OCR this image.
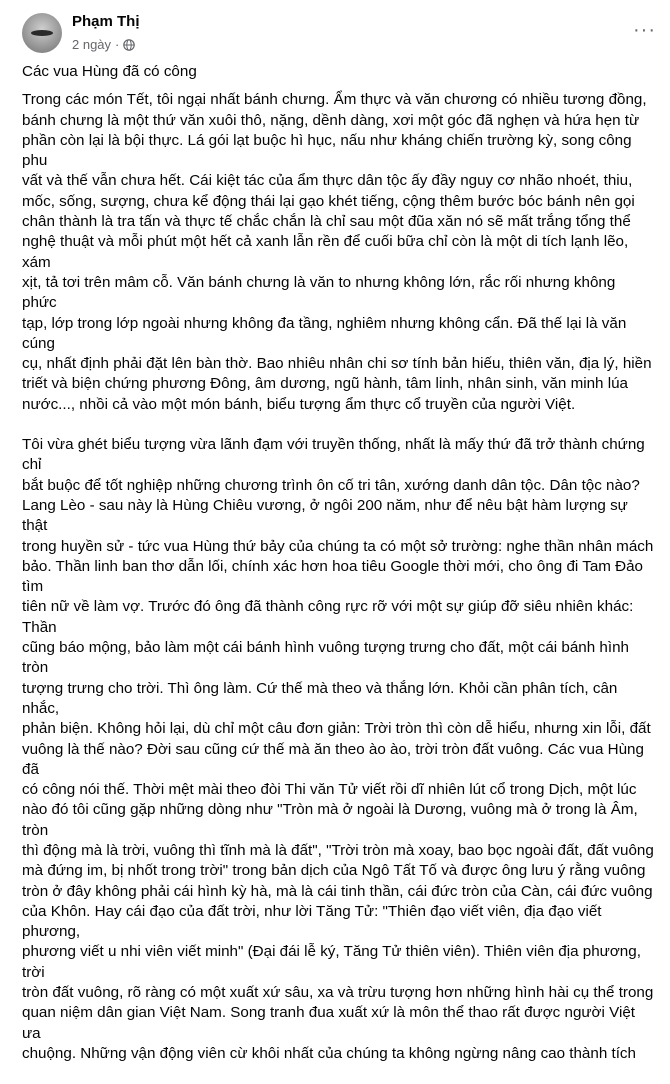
Phạm Thị
2 ngày ·
···

Các vua Hùng đã có công

Trong các món Tết, tôi ngại nhất bánh chưng. Ẩm thực và văn chương có nhiều tương đồng,
bánh chưng là một thứ văn xuôi thô, nặng, dềnh dàng, xơi một góc đã nghẹn và hứa hẹn từ
phần còn lại là bội thực. Lá gói lạt buộc hì hục, nấu như kháng chiến trường kỳ, song công phu
vất và thế vẫn chưa hết. Cái kiệt tác của ẩm thực dân tộc ấy đầy nguy cơ nhão nhoét, thiu,
mốc, sống, sượng, chưa kể động thái lại gạo khét tiếng, cộng thêm bước bóc bánh nên gọi
chân thành là tra tấn và thực tế chắc chắn là chỉ sau một đũa xăn nó sẽ mất trắng tổng thể
nghệ thuật và mỗi phút một hết cả xanh lẫn rền để cuối bữa chỉ còn là một di tích lạnh lẽo, xám
xịt, tả tơi trên mâm cỗ. Văn bánh chưng là văn to nhưng không lớn, rắc rối nhưng không phức
tạp, lớp trong lớp ngoài nhưng không đa tầng, nghiêm nhưng không cẩn. Đã thế lại là văn cúng
cụ, nhất định phải đặt lên bàn thờ. Bao nhiêu nhân chi sơ tính bản hiếu, thiên văn, địa lý, hiền
triết và biện chứng phương Đông, âm dương, ngũ hành, tâm linh, nhân sinh, văn minh lúa
nước..., nhồi cả vào một món bánh, biểu tượng ẩm thực cổ truyền của người Việt.

Tôi vừa ghét biểu tượng vừa lãnh đạm với truyền thống, nhất là mấy thứ đã trở thành chứng chỉ
bắt buộc để tốt nghiệp những chương trình ôn cố tri tân, xướng danh dân tộc. Dân tộc nào?
Lang Lèo - sau này là Hùng Chiêu vương, ở ngôi 200 năm, như để nêu bật hàm lượng sự thật
trong huyền sử - tức vua Hùng thứ bảy của chúng ta có một sở trường: nghe thần nhân mách
bảo. Thần linh ban thơ dẫn lối, chính xác hơn hoa tiêu Google thời mới, cho ông đi Tam Đảo tìm
tiên nữ về làm vợ. Trước đó ông đã thành công rực rỡ với một sự giúp đỡ siêu nhiên khác: Thần
cũng báo mộng, bảo làm một cái bánh hình vuông tượng trưng cho đất, một cái bánh hình tròn
tượng trưng cho trời. Thì ông làm. Cứ thế mà theo và thắng lớn. Khỏi cần phân tích, cân nhắc,
phản biện. Không hỏi lại, dù chỉ một câu đơn giản: Trời tròn thì còn dễ hiểu, nhưng xin lỗi, đất
vuông là thế nào? Đời sau cũng cứ thế mà ăn theo ào ào, trời tròn đất vuông. Các vua Hùng đã
có công nói thế. Thời mệt mài theo đòi Thi văn Tử viết rồi dĩ nhiên lút cổ trong Dịch, một lúc
nào đó tôi cũng gặp những dòng như "Tròn mà ở ngoài là Dương, vuông mà ở trong là Âm, tròn
thì động mà là trời, vuông thì tĩnh mà là đất", "Trời tròn mà xoay, bao bọc ngoài đất, đất vuông
mà đứng im, bị nhốt trong trời" trong bản dịch của Ngô Tất Tố và được ông lưu ý rằng vuông
tròn ở đây không phải cái hình kỳ hà, mà là cái tinh thần, cái đức tròn của Càn, cái đức vuông
của Khôn. Hay cái đạo của đất trời, như lời Tăng Tử: "Thiên đạo viết viên, địa đạo viết phương,
phương viết u nhi viên viết minh" (Đại đái lễ ký, Tăng Tử thiên viên). Thiên viên địa phương, trời
tròn đất vuông, rõ ràng có một xuất xứ sâu, xa và trừu tượng hơn những hình hài cụ thể trong
quan niệm dân gian Việt Nam. Song tranh đua xuất xứ là môn thể thao rất được người Việt ưa
chuộng. Những vận động viên cừ khôi nhất của chúng ta không ngừng nâng cao thành tích
